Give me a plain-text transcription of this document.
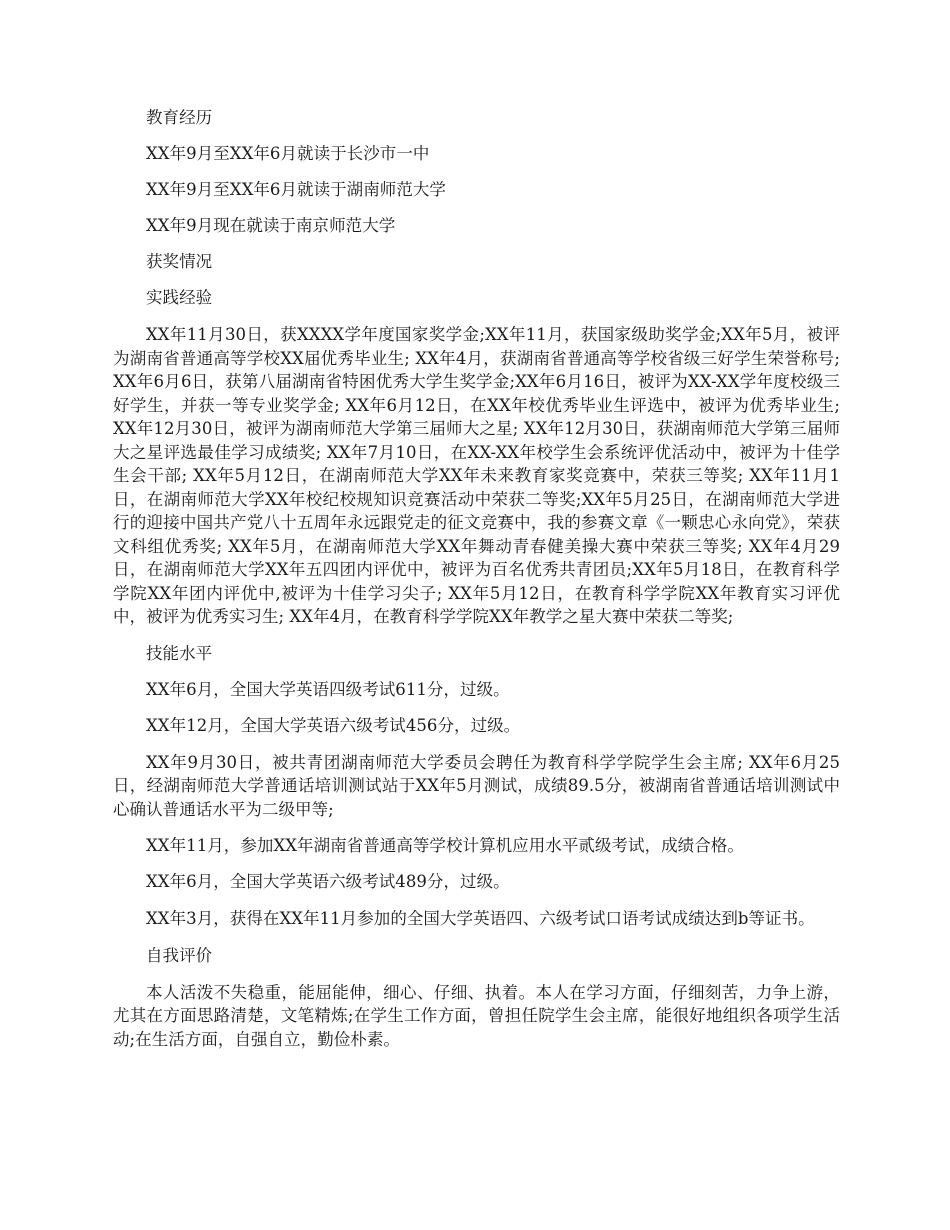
教育经历

XX年9月至XX年6月就读于长沙市一中

XX年9月至XX年6月就读于湖南师范大学

XX年9月现在就读于南京师范大学

获奖情况

实践经验

XX年11月30日，获XXXX学年度国家奖学金;XX年11月，获国家级助奖学金;XX年5月，被评为湖南省普通高等学校XX届优秀毕业生; XX年4月，获湖南省普通高等学校省级三好学生荣誉称号; XX年6月6日，获第八届湖南省特困优秀大学生奖学金;XX年6月16日，被评为XX-XX学年度校级三好学生，并获一等专业奖学金; XX年6月12日，在XX年校优秀毕业生评选中，被评为优秀毕业生; XX年12月30日，被评为湖南师范大学第三届师大之星; XX年12月30日，获湖南师范大学第三届师大之星评选最佳学习成绩奖; XX年7月10日，在XX-XX年校学生会系统评优活动中，被评为十佳学生会干部; XX年5月12日，在湖南师范大学XX年未来教育家奖竞赛中，荣获三等奖; XX年11月1日，在湖南师范大学XX年校纪校规知识竞赛活动中荣获二等奖;XX年5月25日，在湖南师范大学进行的迎接中国共产党八十五周年永远跟党走的征文竞赛中，我的参赛文章《一颗忠心永向党》，荣获文科组优秀奖; XX年5月，在湖南师范大学XX年舞动青春健美操大赛中荣获三等奖; XX年4月29日，在湖南师范大学XX年五四团内评优中，被评为百名优秀共青团员;XX年5月18日，在教育科学学院XX年团内评优中,被评为十佳学习尖子; XX年5月12日，在教育科学学院XX年教育实习评优中，被评为优秀实习生; XX年4月，在教育科学学院XX年教学之星大赛中荣获二等奖;

技能水平

XX年6月，全国大学英语四级考试611分，过级。

XX年12月，全国大学英语六级考试456分，过级。

XX年9月30日，被共青团湖南师范大学委员会聘任为教育科学学院学生会主席; XX年6月25日，经湖南师范大学普通话培训测试站于XX年5月测试，成绩89.5分，被湖南省普通话培训测试中心确认普通话水平为二级甲等;

XX年11月，参加XX年湖南省普通高等学校计算机应用水平贰级考试，成绩合格。

XX年6月，全国大学英语六级考试489分，过级。

XX年3月，获得在XX年11月参加的全国大学英语四、六级考试口语考试成绩达到b等证书。

自我评价

本人活泼不失稳重，能屈能伸，细心、仔细、执着。本人在学习方面，仔细刻苦，力争上游，尤其在方面思路清楚，文笔精炼;在学生工作方面，曾担任院学生会主席，能很好地组织各项学生活动;在生活方面，自强自立，勤俭朴素。
